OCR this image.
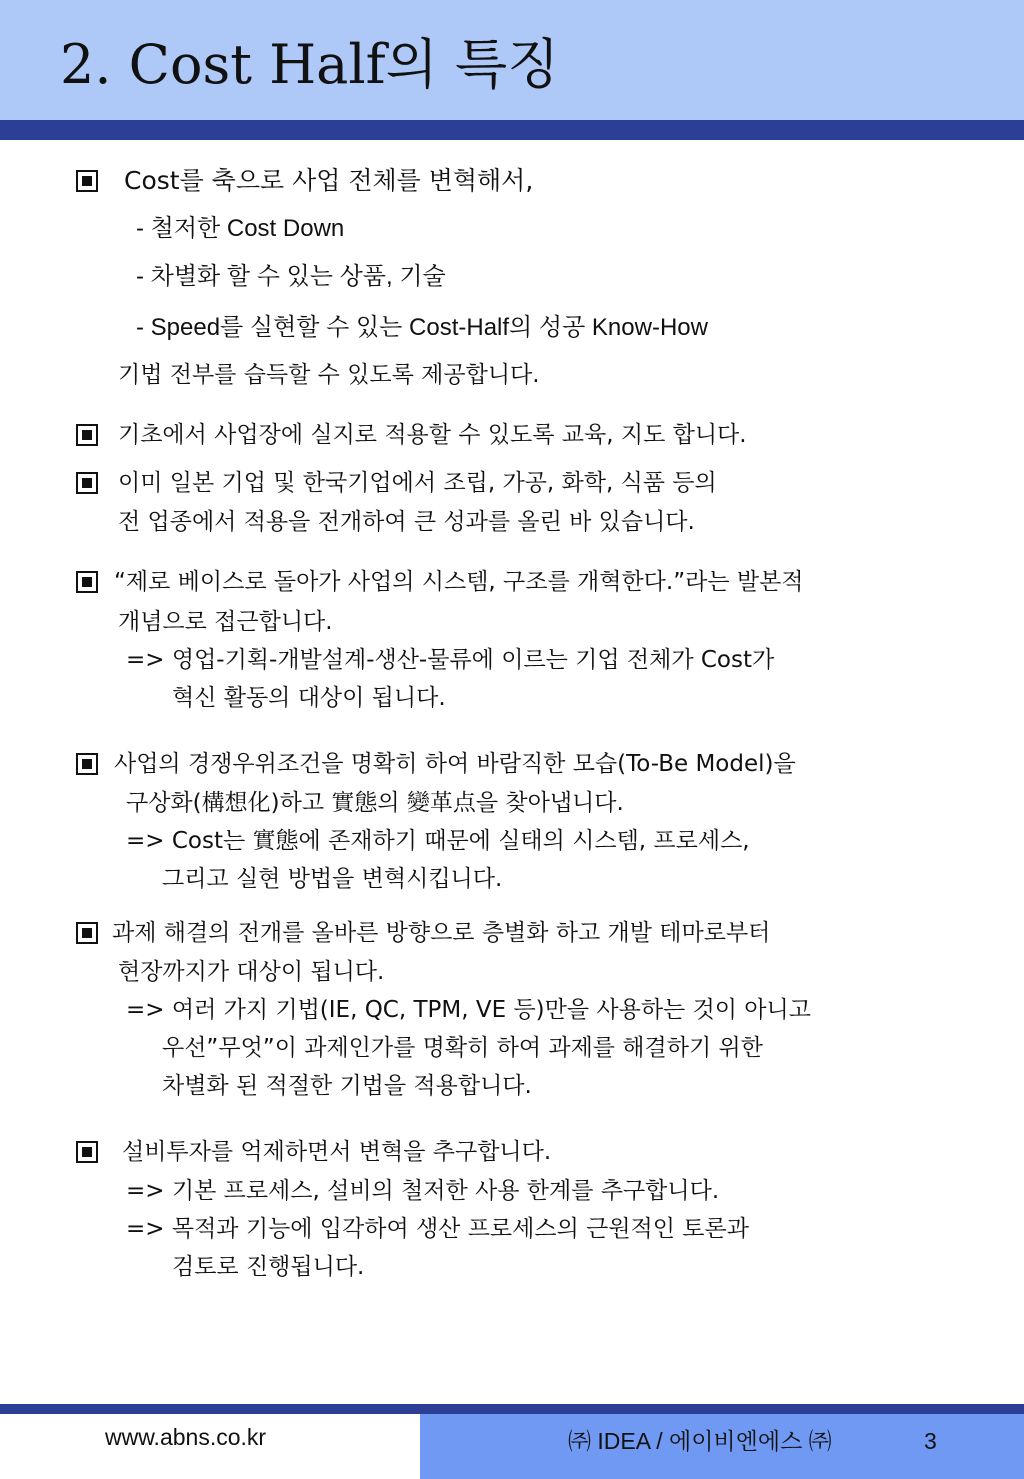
2. Cost Half의 특징
Cost를 축으로 사업 전체를 변혁해서,
- 철저한 Cost Down
- 차별화 할 수 있는 상품, 기술
- Speed를 실현할 수 있는 Cost-Half의 성공 Know-How
기법 전부를 습득할 수 있도록 제공합니다.
기초에서 사업장에 실지로 적용할 수 있도록 교육, 지도 합니다.
이미 일본 기업 및 한국기업에서 조립, 가공, 화학, 식품 등의
전 업종에서 적용을 전개하여 큰 성과를 올린 바 있습니다.
“제로 베이스로 돌아가 사업의 시스템, 구조를 개혁한다.”라는 발본적
개념으로 접근합니다.
=> 영업-기획-개발설계-생산-물류에 이르는 기업 전체가 Cost가
혁신 활동의 대상이 됩니다.
사업의 경쟁우위조건을 명확히 하여 바람직한 모습(To-Be Model)을
구상화(構想化)하고 實態의 變革点을 찾아냅니다.
=> Cost는 實態에 존재하기 때문에 실태의 시스템, 프로세스,
그리고 실현 방법을 변혁시킵니다.
과제 해결의 전개를 올바른 방향으로 층별화 하고 개발 테마로부터
현장까지가 대상이 됩니다.
=> 여러 가지 기법(IE, QC, TPM, VE 등)만을 사용하는 것이 아니고
우선”무엇”이 과제인가를 명확히 하여 과제를 해결하기 위한
차별화 된 적절한 기법을 적용합니다.
설비투자를 억제하면서 변혁을 추구합니다.
=> 기본 프로세스, 설비의 철저한 사용 한계를 추구합니다.
=> 목적과 기능에 입각하여 생산 프로세스의 근원적인 토론과
검토로 진행됩니다.
www.abns.co.kr	㈜ IDEA / 에이비엔에스 ㈜	3
